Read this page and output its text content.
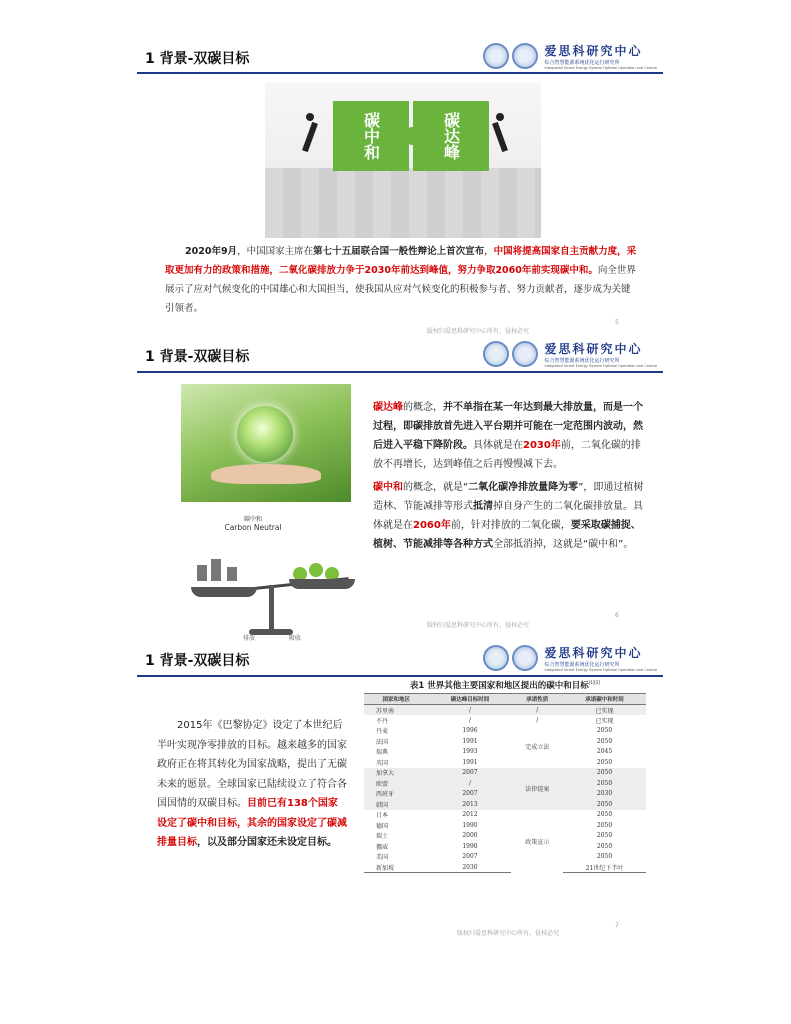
1 背景-双碳目标	爱思科研究中心
综合智慧能源系统优化运行研究所
Integrated Smart Energy System Optimal Operation and Control
碳中和	碳达峰

2020年9月，中国国家主席在第七十五届联合国一般性辩论上首次宣布，中国将提高国家自主贡献力度，采取更加有力的政策和措施，二氧化碳排放力争于2030年前达到峰值，努力争取2060年前实现碳中和。向全世界展示了应对气候变化的中国雄心和大国担当，使我国从应对气候变化的积极参与者、努力贡献者，逐步成为关键引领者。

版权归爱思科研究中心所有，侵权必究
5
1 背景-双碳目标	爱思科研究中心
综合智慧能源系统优化运行研究所
Integrated Smart Energy System Optimal Operation and Control
碳中和
Carbon Neutral
排放	吸收

碳达峰的概念，并不单指在某一年达到最大排放量，而是一个过程，即碳排放首先进入平台期并可能在一定范围内波动，然后进入平稳下降阶段。具体就是在2030年前，二氧化碳的排放不再增长，达到峰值之后再慢慢减下去。

碳中和的概念，就是“二氧化碳净排放量降为零”，即通过植树造林、节能减排等形式抵清掉自身产生的二氧化碳排放量。具体就是在2060年前，针对排放的二氧化碳，要采取碳捕捉、植树、节能减排等各种方式全部抵消掉，这就是“碳中和”。

版权归爱思科研究中心所有，侵权必究
6
1 背景-双碳目标	爱思科研究中心
综合智慧能源系统优化运行研究所
Integrated Smart Energy System Optimal Operation and Control

2015年《巴黎协定》设定了本世纪后半叶实现净零排放的目标。越来越多的国家政府正在将其转化为国家战略，提出了无碳未来的愿景。全球国家已陆续设立了符合各国国情的双碳目标。目前已有138个国家设定了碳中和目标，其余的国家设定了碳减排量目标，以及部分国家还未设定目标。

表1 世界其他主要国家和地区提出的碳中和目标[1][2]
国家和地区	碳达峰目标时间	承诺性质	承诺碳中和时间
苏里南	/	/	已实现
不丹	/	/	已实现
丹麦	1996	完成立法	2050
法国	1991		2050
瑞典	1993		2045
英国	1991		2050
加拿大	2007	法律提案	2050
欧盟	/		2050
西班牙	2007		2030
韩国	2013		2050
日本	2012	政策宣示	2050
德国	1990		2050
瑞士	2000		2050
挪威	1990		2050
美国	2007		2050
新加坡	2030		21世纪下半叶
版权归爱思科研究中心所有，侵权必究
7
